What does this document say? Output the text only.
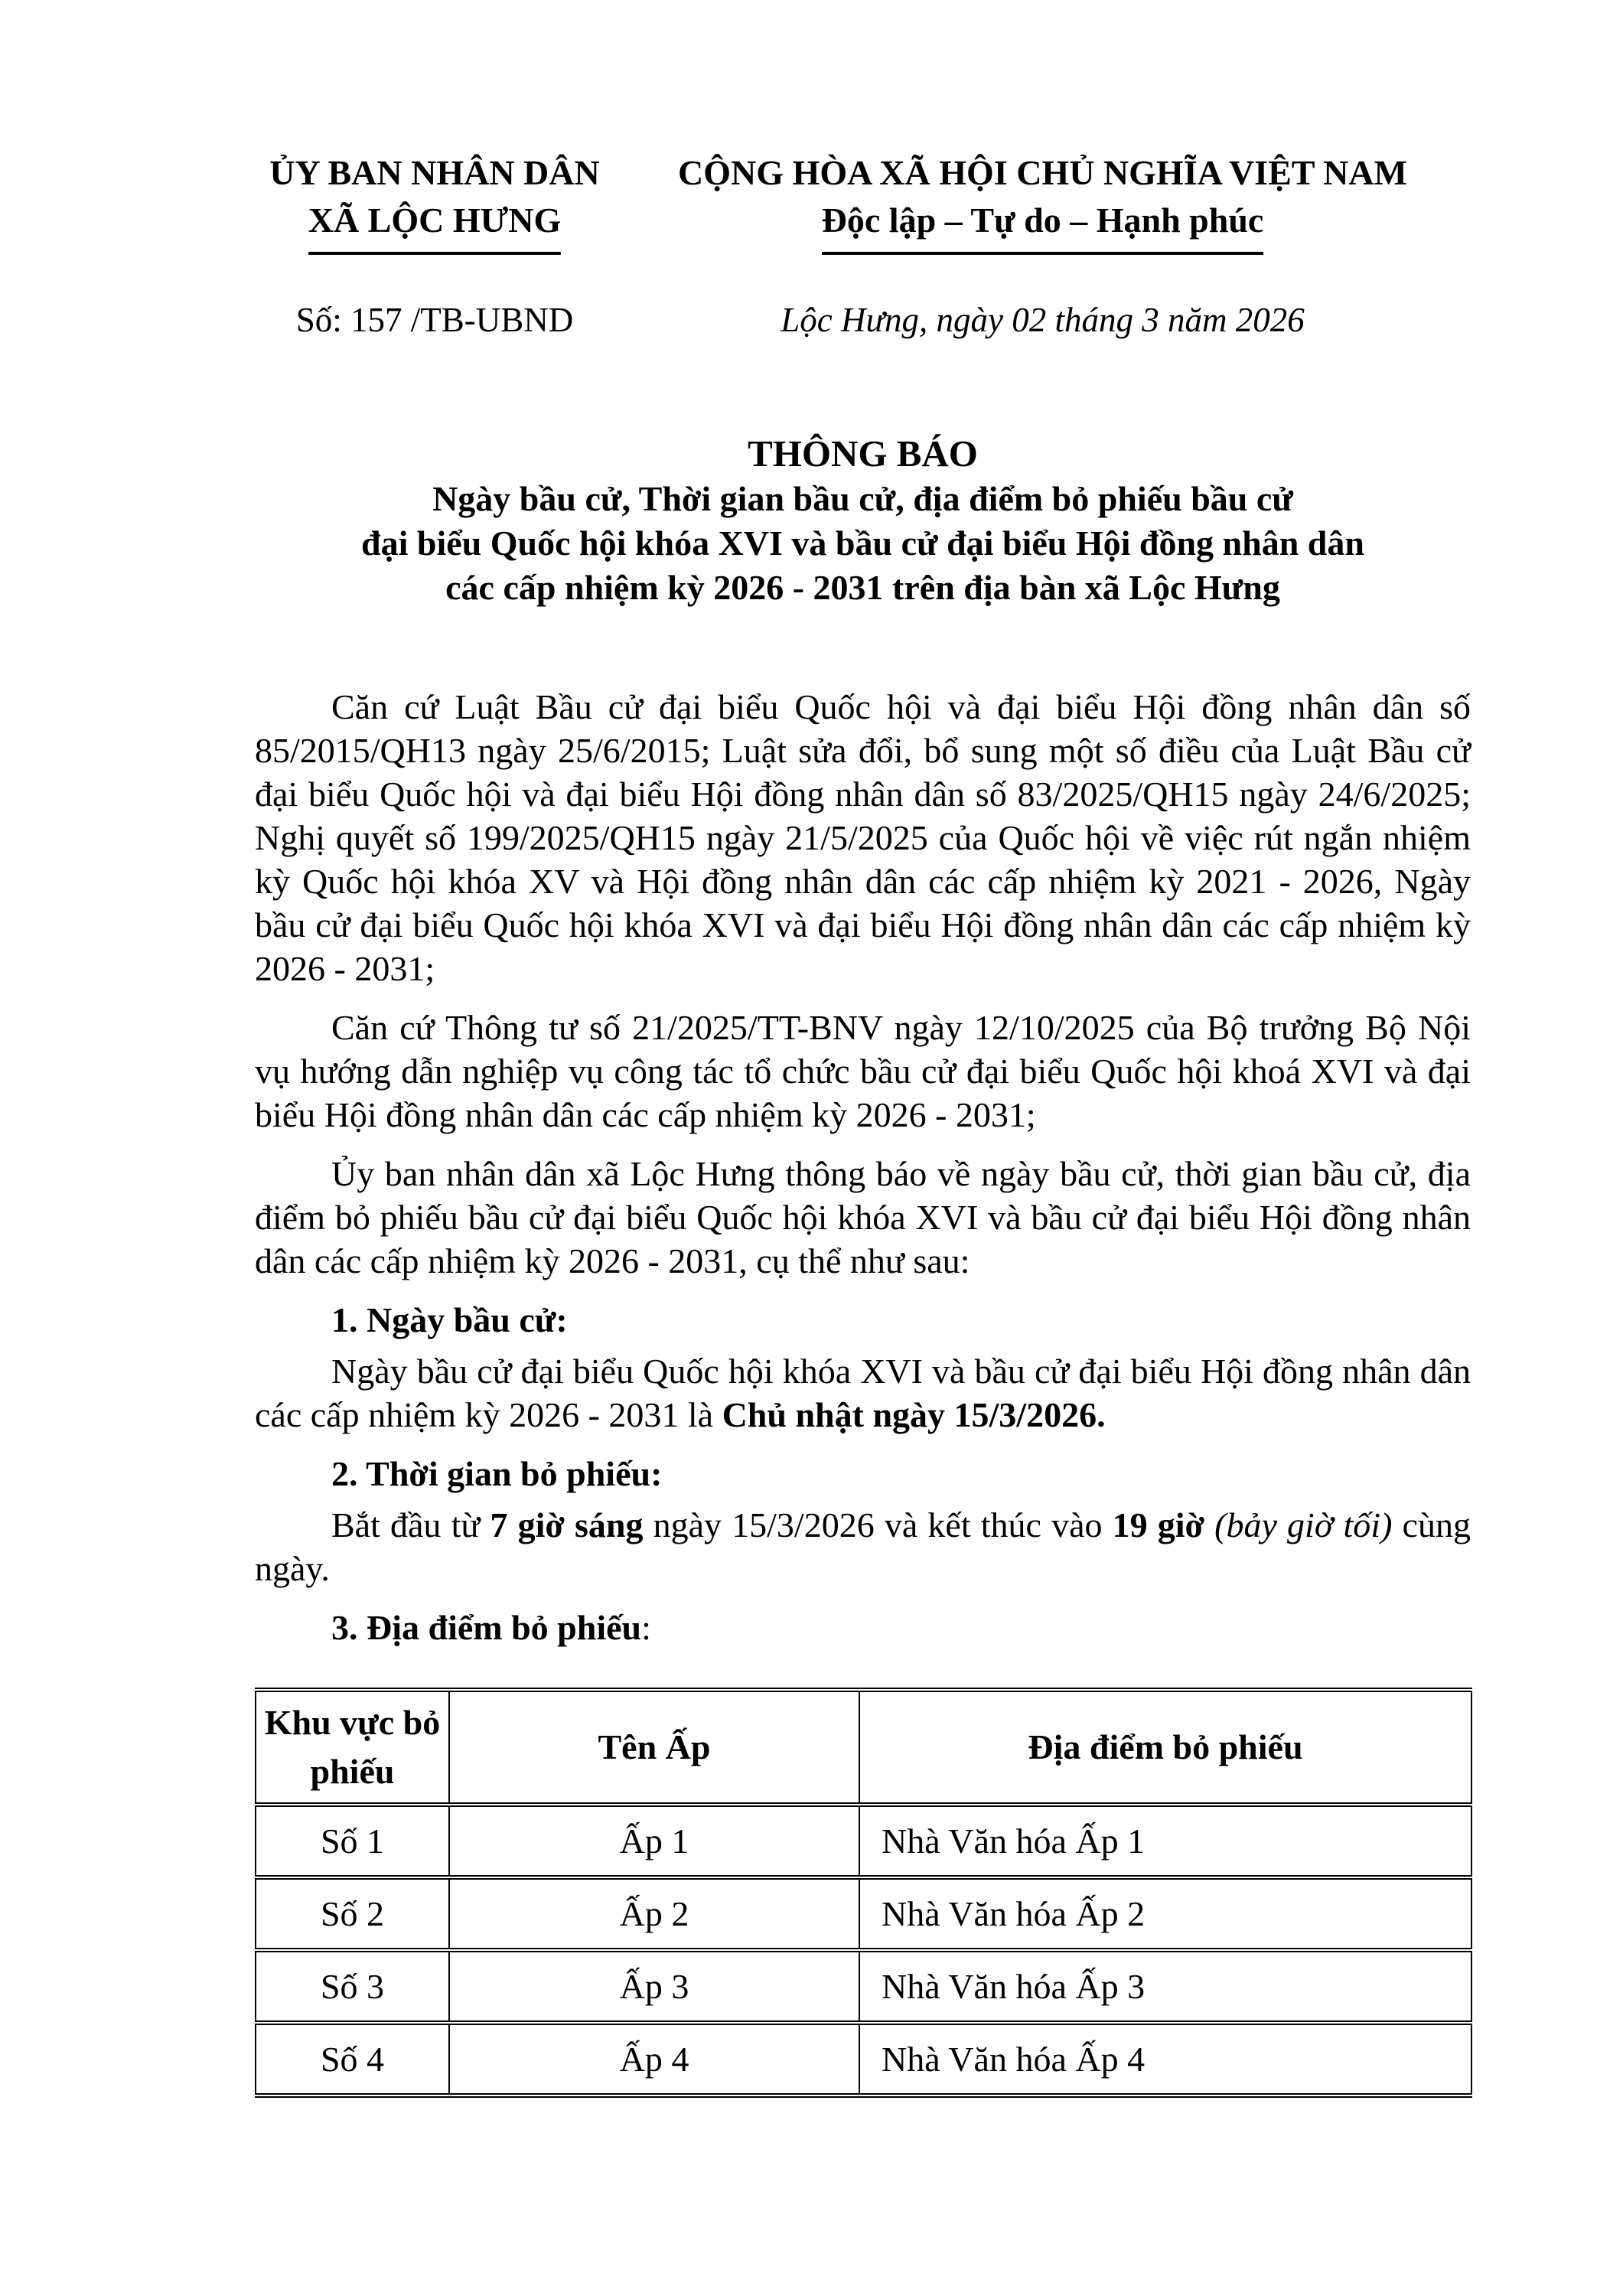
ỦY BAN NHÂN DÂN
XÃ LỘC HƯNG
CỘNG HÒA XÃ HỘI CHỦ NGHĨA VIỆT NAM
Độc lập – Tự do – Hạnh phúc
Số: 157 /TB-UBND	Lộc Hưng, ngày 02 tháng 3 năm 2026
THÔNG BÁO
Ngày bầu cử, Thời gian bầu cử, địa điểm bỏ phiếu bầu cử
đại biểu Quốc hội khóa XVI và bầu cử đại biểu Hội đồng nhân dân
các cấp nhiệm kỳ 2026 - 2031 trên địa bàn xã Lộc Hưng

Căn cứ Luật Bầu cử đại biểu Quốc hội và đại biểu Hội đồng nhân dân số 85/2015/QH13 ngày 25/6/2015; Luật sửa đổi, bổ sung một số điều của Luật Bầu cử đại biểu Quốc hội và đại biểu Hội đồng nhân dân số 83/2025/QH15 ngày 24/6/2025; Nghị quyết số 199/2025/QH15 ngày 21/5/2025 của Quốc hội về việc rút ngắn nhiệm kỳ Quốc hội khóa XV và Hội đồng nhân dân các cấp nhiệm kỳ 2021 - 2026, Ngày bầu cử đại biểu Quốc hội khóa XVI và đại biểu Hội đồng nhân dân các cấp nhiệm kỳ 2026 - 2031;

Căn cứ Thông tư số 21/2025/TT-BNV ngày 12/10/2025 của Bộ trưởng Bộ Nội vụ hướng dẫn nghiệp vụ công tác tổ chức bầu cử đại biểu Quốc hội khoá XVI và đại biểu Hội đồng nhân dân các cấp nhiệm kỳ 2026 - 2031;

Ủy ban nhân dân xã Lộc Hưng thông báo về ngày bầu cử, thời gian bầu cử, địa điểm bỏ phiếu bầu cử đại biểu Quốc hội khóa XVI và bầu cử đại biểu Hội đồng nhân dân các cấp nhiệm kỳ 2026 - 2031, cụ thể như sau:

1. Ngày bầu cử:

Ngày bầu cử đại biểu Quốc hội khóa XVI và bầu cử đại biểu Hội đồng nhân dân các cấp nhiệm kỳ 2026 - 2031 là Chủ nhật ngày 15/3/2026.

2. Thời gian bỏ phiếu:

Bắt đầu từ 7 giờ sáng ngày 15/3/2026 và kết thúc vào 19 giờ (bảy giờ tối) cùng ngày.

3. Địa điểm bỏ phiếu:

Khu vực bỏ phiếu	Tên Ấp	Địa điểm bỏ phiếu
Số 1	Ấp 1	Nhà Văn hóa Ấp 1
Số 2	Ấp 2	Nhà Văn hóa Ấp 2
Số 3	Ấp 3	Nhà Văn hóa Ấp 3
Số 4	Ấp 4	Nhà Văn hóa Ấp 4
